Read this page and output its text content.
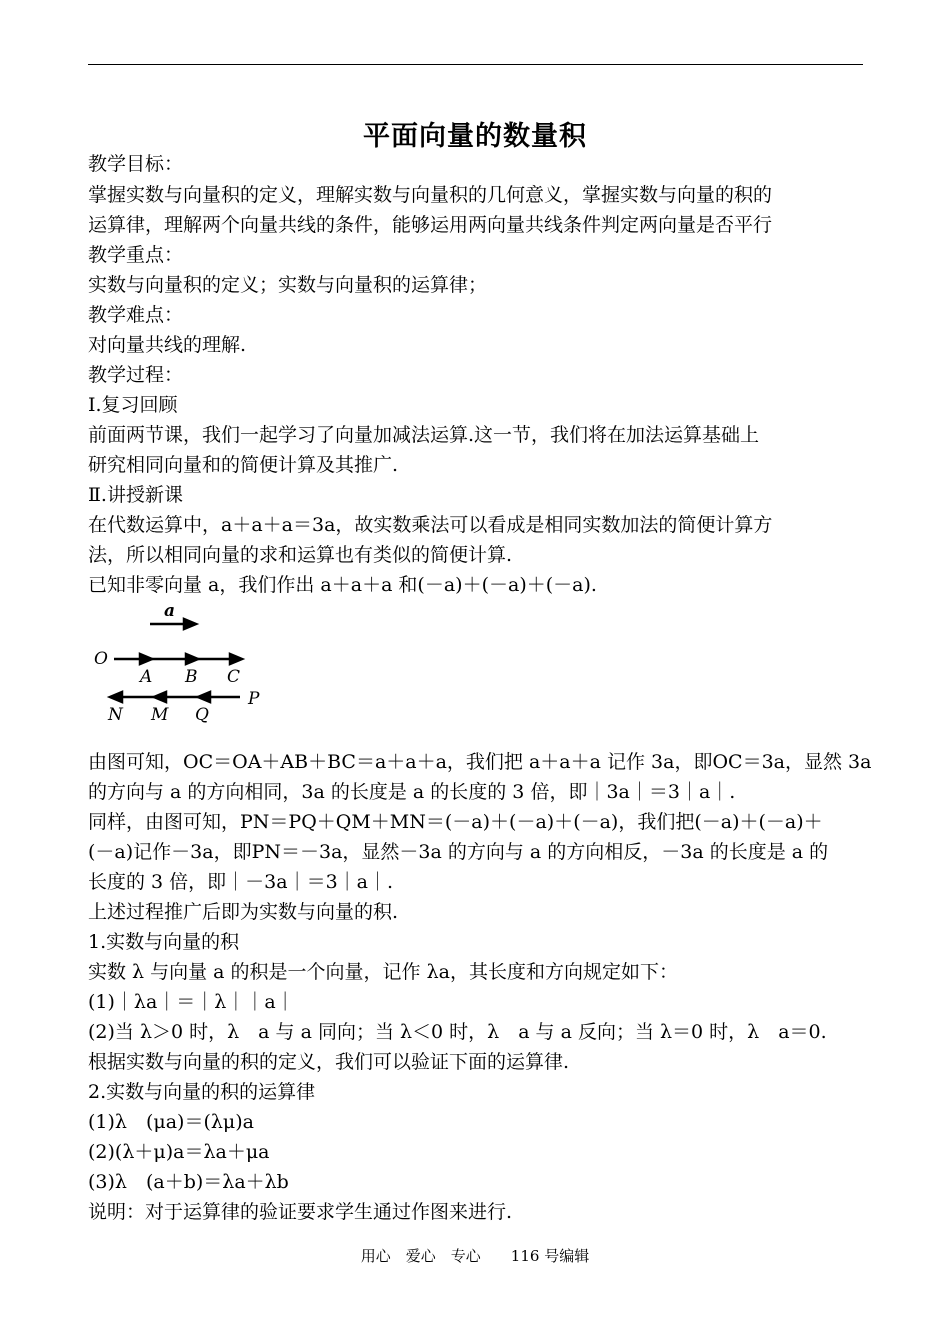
平面向量的数量积
教学目标：
掌握实数与向量积的定义，理解实数与向量积的几何意义，掌握实数与向量的积的
运算律，理解两个向量共线的条件，能够运用两向量共线条件判定两向量是否平行
教学重点：
实数与向量积的定义；实数与向量积的运算律；
教学难点：
对向量共线的理解.
教学过程：
Ⅰ.复习回顾
前面两节课，我们一起学习了向量加减法运算.这一节，我们将在加法运算基础上
研究相同向量和的简便计算及其推广.
Ⅱ.讲授新课
在代数运算中，a＋a＋a＝3a，故实数乘法可以看成是相同实数加法的简便计算方
法，所以相同向量的求和运算也有类似的简便计算.
已知非零向量 a，我们作出 a＋a＋a 和(－a)＋(－a)＋(－a).
a
O
A B C
N M Q
P
由图可知，OC＝OA＋AB＋BC＝a＋a＋a，我们把 a＋a＋a 记作 3a，即OC＝3a，显然 3a
的方向与 a 的方向相同，3a 的长度是 a 的长度的 3 倍，即｜3a｜＝3｜a｜.
同样，由图可知，PN＝PQ＋QM＋MN＝(－a)＋(－a)＋(－a)，我们把(－a)＋(－a)＋
(－a)记作－3a，即PN＝－3a，显然－3a 的方向与 a 的方向相反，－3a 的长度是 a 的
长度的 3 倍，即｜－3a｜＝3｜a｜.
上述过程推广后即为实数与向量的积.
1.实数与向量的积
实数 λ 与向量 a 的积是一个向量，记作 λa，其长度和方向规定如下：
(1)｜λa｜＝｜λ｜｜a｜
(2)当 λ＞0 时，λ　a 与 a 同向；当 λ＜0 时，λ　a 与 a 反向；当 λ＝0 时，λ　a＝0.
根据实数与向量的积的定义，我们可以验证下面的运算律.
2.实数与向量的积的运算律
(1)λ　(μa)＝(λμ)a
(2)(λ＋μ)a＝λa＋μa
(3)λ　(a＋b)＝λa＋λb
说明：对于运算律的验证要求学生通过作图来进行.
用心　爱心　专心　　116 号编辑
